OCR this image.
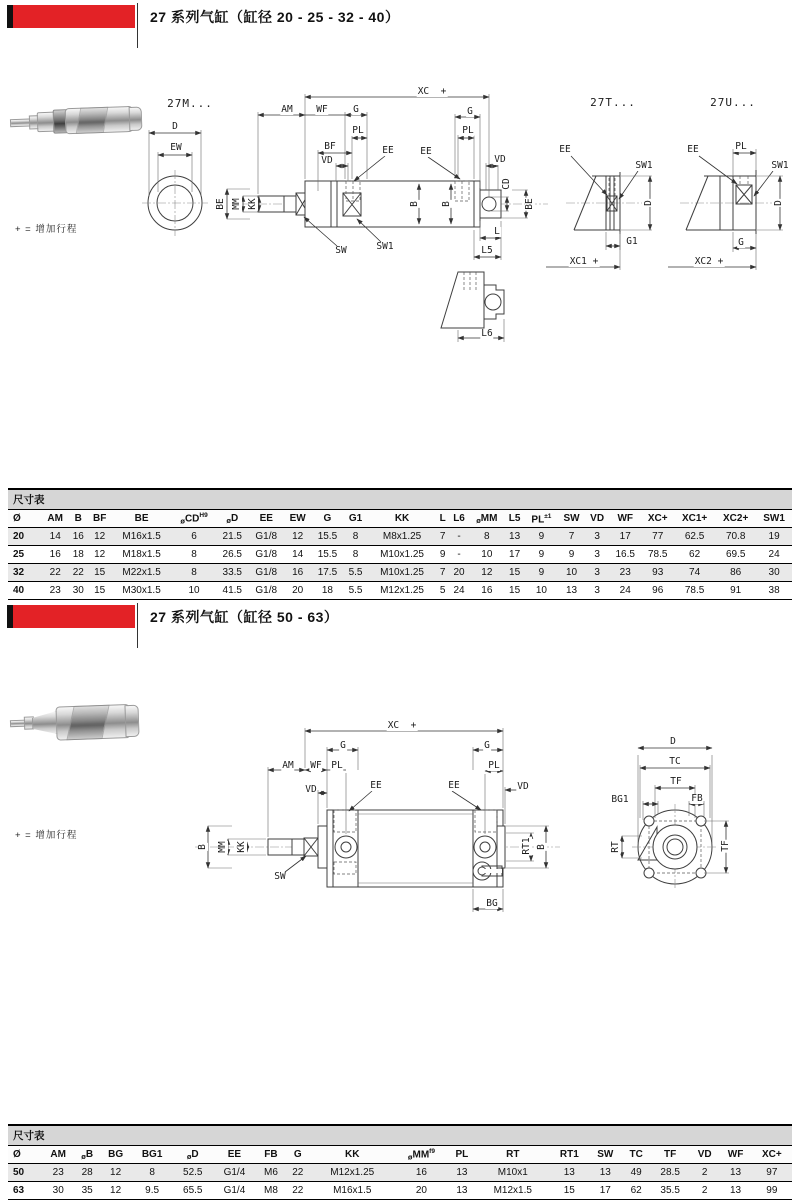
27 系列气缸（缸径 20 - 25 - 32 - 40）
+ = 增加行程
27M...
D
EW
XC  +
AM WF	G
PL
BF
VD
EE	EE
G
PL
VD
BE MM KK	B B
CD
BE
SW	SW1
L
L5
L6
27T...
EE
SW1
D
G1
XC1 +
27U...
EE	PL
SW1
D
G
XC2 +
尺寸表																							
Ø	AM	B	BF	BE	$_øCD^{H9}$	$_ø$D	EE	EW	G	G1	KK	L	L6	$_ø$MM	L5	$PL^{\pm 1}$	SW	VD	WF	XC+	XC1+	XC2+	SW1
20	14	16	12	M16x1.5	6	21.5	G1/8	12	15.5	8	M8x1.25	7	-	8	13	9	7	3	17	77	62.5	70.8	19
25	16	18	12	M18x1.5	8	26.5	G1/8	14	15.5	8	M10x1.25	9	-	10	17	9	9	3	16.5	78.5	62	69.5	24
32	22	22	15	M22x1.5	8	33.5	G1/8	16	17.5	5.5	M10x1.25	7	20	12	15	9	10	3	23	93	74	86	30
40	23	30	15	M30x1.5	10	41.5	G1/8	20	18	5.5	M12x1.25	5	24	16	15	10	13	3	24	96	78.5	91	38
27 系列气缸（缸径 50 - 63）
+ = 增加行程
XC  +
G	G
AM WF PL	PL
VD	VD
EE	EE
B MM KK
SW
RT1 B
BG
D
TC
TF
BG1	FB
RT	TF
尺寸表																			
Ø	AM	$_ø$B	BG	BG1	$_ø$D	EE	FB	G	KK	$_øMM^{f9}$	PL	RT	RT1	SW	TC	TF	VD	WF	XC+
50	23	28	12	8	52.5	G1/4	M6	22	M12x1.25	16	13	M10x1	13	13	49	28.5	2	13	97
63	30	35	12	9.5	65.5	G1/4	M8	22	M16x1.5	20	13	M12x1.5	15	17	62	35.5	2	13	99
